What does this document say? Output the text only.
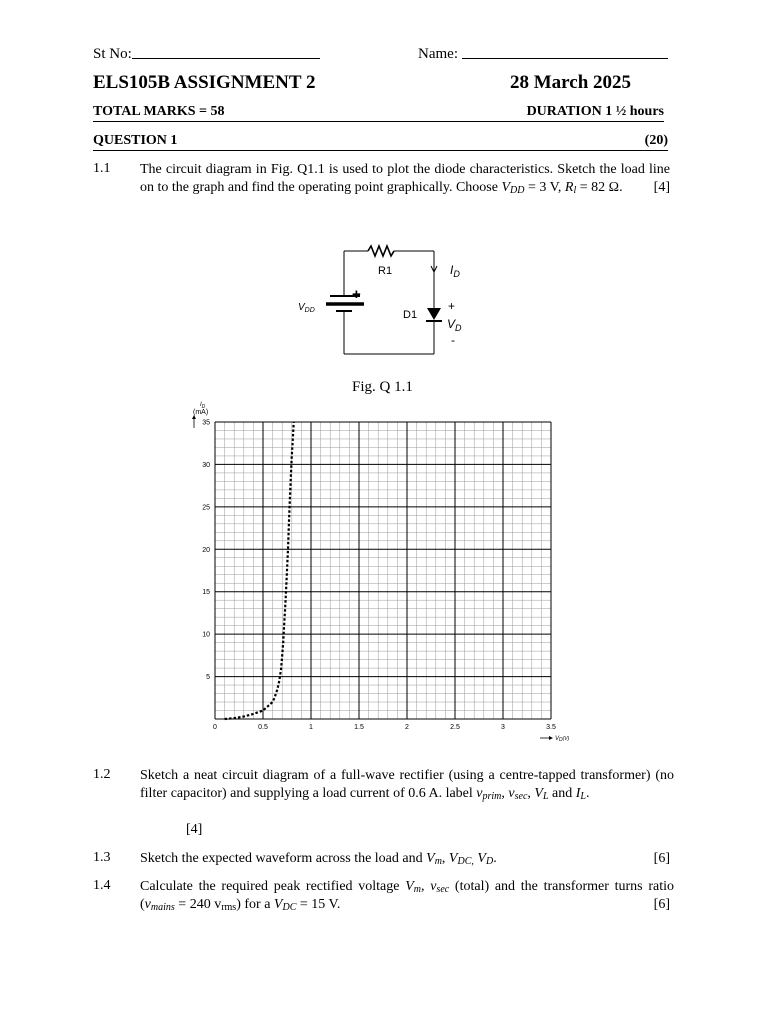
St No:	Name:
ELS105B ASSIGNMENT 2	28 March 2025
TOTAL MARKS = 58	DURATION 1 ½ hours
QUESTION 1	(20)
1.1 The circuit diagram in Fig. Q1.1 is used to plot the diode characteristics. Sketch the load line on to the graph and find the operating point graphically. Choose $V_{DD} = 3$ V, $R_l = 82$ Ω. [4]
R1
D1
$I_D$
$V_{DD}$
+
+
$V_D$
-
Fig. Q 1.1
0	0.5	1	1.5	2	2.5	3	3.5
5
10
15
20
25
30
35
$I_D$
(mA)
VD(V)
1.2 Sketch a neat circuit diagram of a full-wave rectifier (using a centre-tapped transformer) (no filter capacitor) and supplying a load current of 0.6 A. label $v_{prim}$, $v_{sec}$, $V_L$ and $I_L$.
[4]
1.3 Sketch the expected waveform across the load and $V_m$, $V_{DC,}$ $V_D$.	[6]
1.4 Calculate the required peak rectified voltage $V_m$, $v_{sec}$ (total) and the transformer turns ratio ($v_{mains} = 240$ $v_{rms}$) for a $V_{DC} = 15$ V.	[6]
